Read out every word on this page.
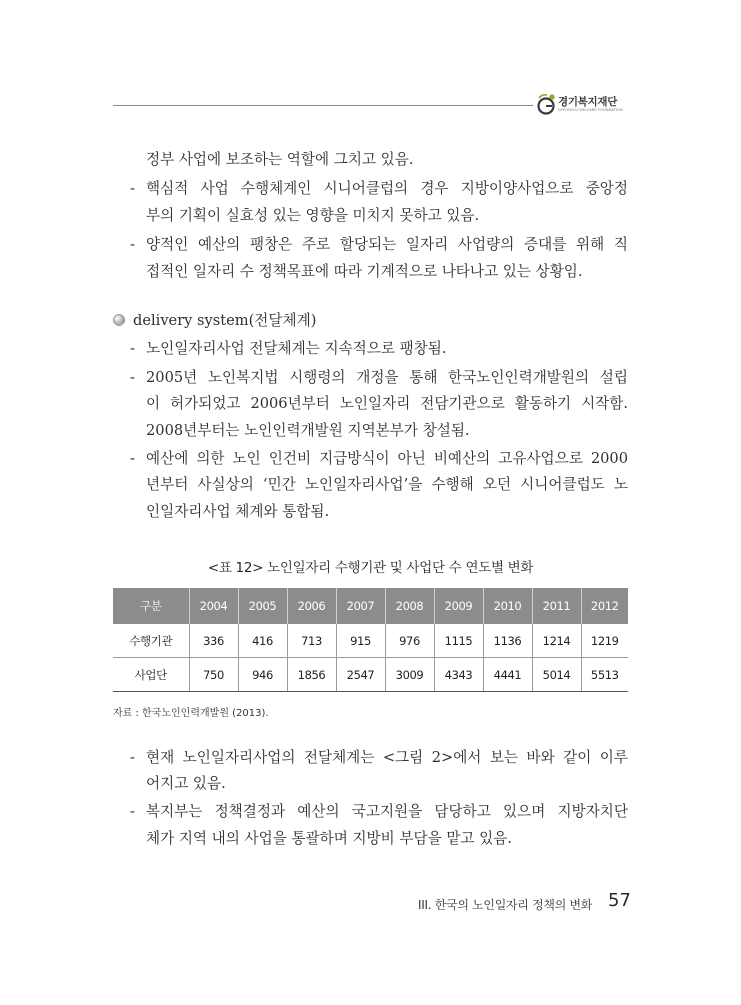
경기복지재단
GYEONGGI WELFARE FOUNDATION
정부 사업에 보조하는 역할에 그치고 있음.
- 핵심적 사업 수행체계인 시니어클럽의 경우 지방이양사업으로 중앙정
부의 기획이 실효성 있는 영향을 미치지 못하고 있음.
- 양적인 예산의 팽창은 주로 할당되는 일자리 사업량의 증대를 위해 직
접적인 일자리 수 정책목표에 따라 기계적으로 나타나고 있는 상황임.
delivery system(전달체계)
- 노인일자리사업 전달체계는 지속적으로 팽창됨.
- 2005년 노인복지법 시행령의 개정을 통해 한국노인인력개발원의 설립
이 허가되었고 2006년부터 노인일자리 전담기관으로 활동하기 시작함.
2008년부터는 노인인력개발원 지역본부가 창설됨.
- 예산에 의한 노인 인건비 지급방식이 아닌 비예산의 고유사업으로 2000
년부터 사실상의 ‘민간 노인일자리사업’을 수행해 오던 시니어클럽도 노
인일자리사업 체계와 통합됨.
<표 12> 노인일자리 수행기관 및 사업단 수 연도별 변화
구분	2004	2005	2006	2007	2008	2009	2010	2011	2012
수행기관	336	416	713	915	976	1115	1136	1214	1219
사업단	750	946	1856	2547	3009	4343	4441	5014	5513
자료 : 한국노인인력개발원 (2013).
- 현재 노인일자리사업의 전달체계는 <그림 2>에서 보는 바와 같이 이루
어지고 있음.
- 복지부는 정책결정과 예산의 국고지원을 담당하고 있으며 지방자치단
체가 지역 내의 사업을 통괄하며 지방비 부담을 맡고 있음.
III. 한국의 노인일자리 정책의 변화 57
